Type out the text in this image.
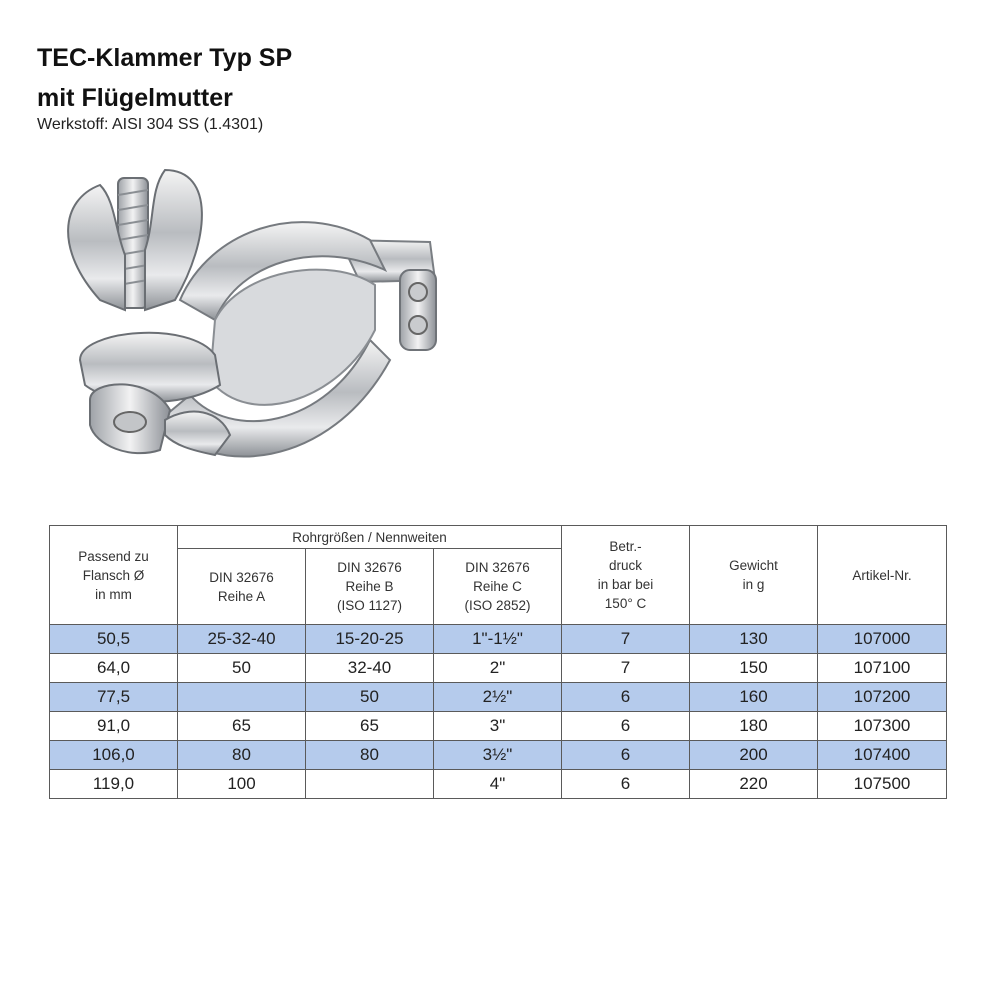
TEC-Klammer Typ SP
mit Flügelmutter
Werkstoff: AISI 304 SS (1.4301)
Passend zu
Flansch Ø
in mm	Rohrgrößen / Nennweiten			Betr.-
druck
in bar bei
150° C	Gewicht
in g	Artikel-Nr.
	DIN 32676
Reihe A	DIN 32676
Reihe B
(ISO 1127)	DIN 32676
Reihe C
(ISO 2852)			
50,5	25-32-40	15-20-25	1"-1½"	7	130	107000
64,0	50	32-40	2"	7	150	107100
77,5		50	2½"	6	160	107200
91,0	65	65	3"	6	180	107300
106,0	80	80	3½"	6	200	107400
119,0	100		4"	6	220	107500
